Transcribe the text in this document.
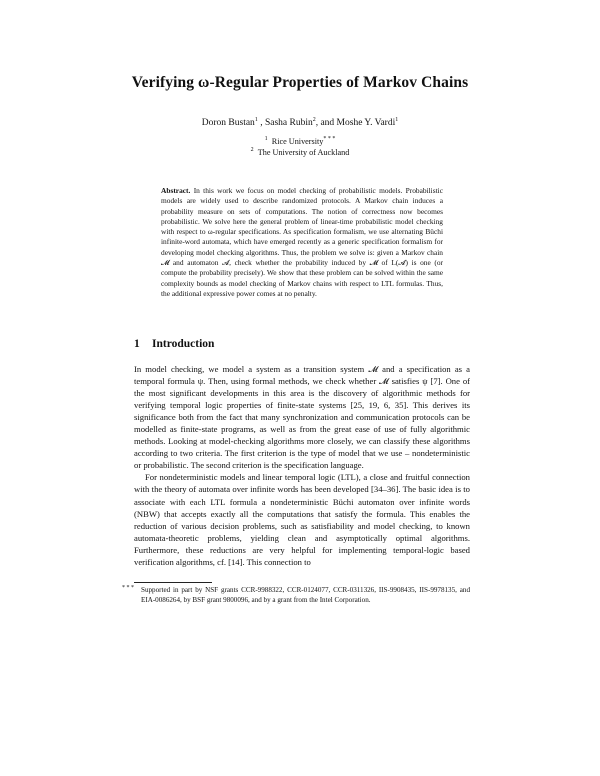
Verifying ω-Regular Properties of Markov Chains
Doron Bustan$^1$ , Sasha Rubin$^2$, and Moshe Y. Vardi$^1$
$^1$ Rice University* * *
$^2$ The University of Auckland
Abstract. In this work we focus on model checking of probabilistic models. Probabilistic models are widely used to describe randomized protocols. A Markov chain induces a probability measure on sets of computations. The notion of correctness now becomes probabilistic. We solve here the general problem of linear-time probabilistic model checking with respect to ω-regular specifications. As specification formalism, we use alternating Büchi infinite-word automata, which have emerged recently as a generic specification formalism for developing model checking algorithms. Thus, the problem we solve is: given a Markov chain 𝓜 and automaton 𝓐, check whether the probability induced by 𝓜 of L(𝓐) is one (or compute the probability precisely). We show that these problem can be solved within the same complexity bounds as model checking of Markov chains with respect to LTL formulas. Thus, the additional expressive power comes at no penalty.
1 Introduction

In model checking, we model a system as a transition system 𝓜 and a specification as a temporal formula ψ. Then, using formal methods, we check whether 𝓜 satisfies ψ [7]. One of the most significant developments in this area is the discovery of algorithmic methods for verifying temporal logic properties of finite-state systems [25, 19, 6, 35]. This derives its significance both from the fact that many synchronization and communication protocols can be modelled as finite-state programs, as well as from the great ease of use of fully algorithmic methods. Looking at model-checking algorithms more closely, we can classify these algorithms according to two criteria. The first criterion is the type of model that we use – nondeterministic or probabilistic. The second criterion is the specification language.

For nondeterministic models and linear temporal logic (LTL), a close and fruitful connection with the theory of automata over infinite words has been developed [34–36]. The basic idea is to associate with each LTL formula a nondeterministic Büchi automaton over infinite words (NBW) that accepts exactly all the computations that satisfy the formula. This enables the reduction of various decision problems, such as satisfiability and model checking, to known automata-theoretic problems, yielding clean and asymptotically optimal algorithms. Furthermore, these reductions are very helpful for implementing temporal-logic based verification algorithms, cf. [14]. This connection to

* * * Supported in part by NSF grants CCR-9988322, CCR-0124077, CCR-0311326, IIS-9908435, IIS-9978135, and EIA-0086264, by BSF grant 9800096, and by a grant from the Intel Corporation.
